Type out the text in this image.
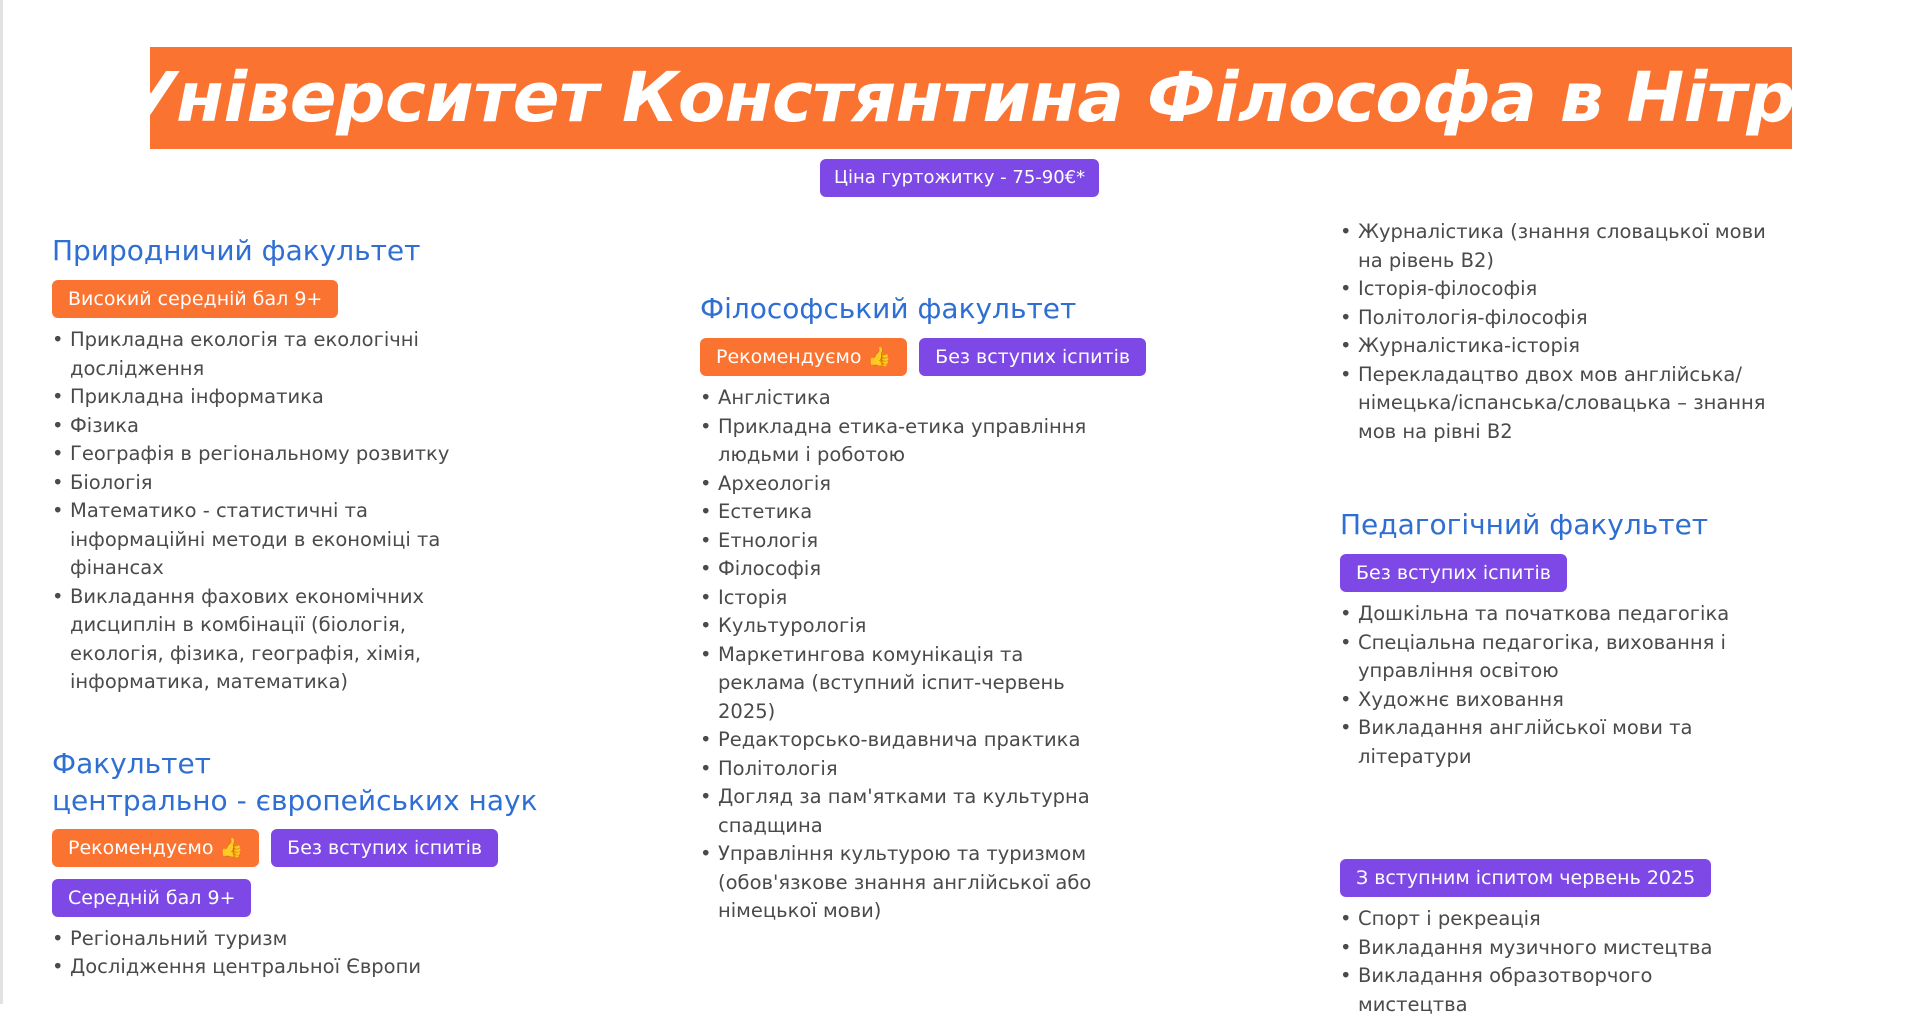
Університет Констянтина Філософа в Нітрі
Ціна гуртожитку - 75-90€*
Природничий факультет
Високий середній бал 9+
• Прикладна екологія та екологічні дослідження
• Прикладна інформатика
• Фізика
• Географія в регіональному розвитку
• Біологія
• Математико - статистичні та інформаційні методи в економіці та фінансах
• Викладання фахових економічних дисциплін в комбінації (біологія, екологія, фізика, географія, хімія, інформатика, математика)
Факультет
центрально - європейських наук
Рекомендуємо 👍	Без вступих іспитів
Середній бал 9+
• Регіональний туризм
• Дослідження центральної Європи
Філософський факультет
Рекомендуємо 👍	Без вступих іспитів
• Англістика
• Прикладна етика-етика управління людьми і роботою
• Археологія
• Естетика
• Етнологія
• Філософія
• Історія
• Культурологія
• Маркетингова комунікація та реклама (вступний іспит-червень 2025)
• Редакторсько-видавнича практика
• Політологія
• Догляд за пам'ятками та культурна спадщина
• Управління культурою та туризмом (обов'язкове знання англійської або німецької мови)
• Журналістика (знання словацької мови на рівень B2)
• Історія-філософія
• Політологія-філософія
• Журналістика-історія
• Перекладацтво двох мов англійська/німецька/іспанська/словацька – знання мов на рівні B2
Педагогічний факультет
Без вступих іспитів
• Дошкільна та початкова педагогіка
• Спеціальна педагогіка, виховання і управління освітою
• Художнє виховання
• Викладання англійської мови та літератури
З вступним іспитом червень 2025
• Спорт і рекреація
• Викладання музичного мистецтва
• Викладання образотворчого мистецтва
